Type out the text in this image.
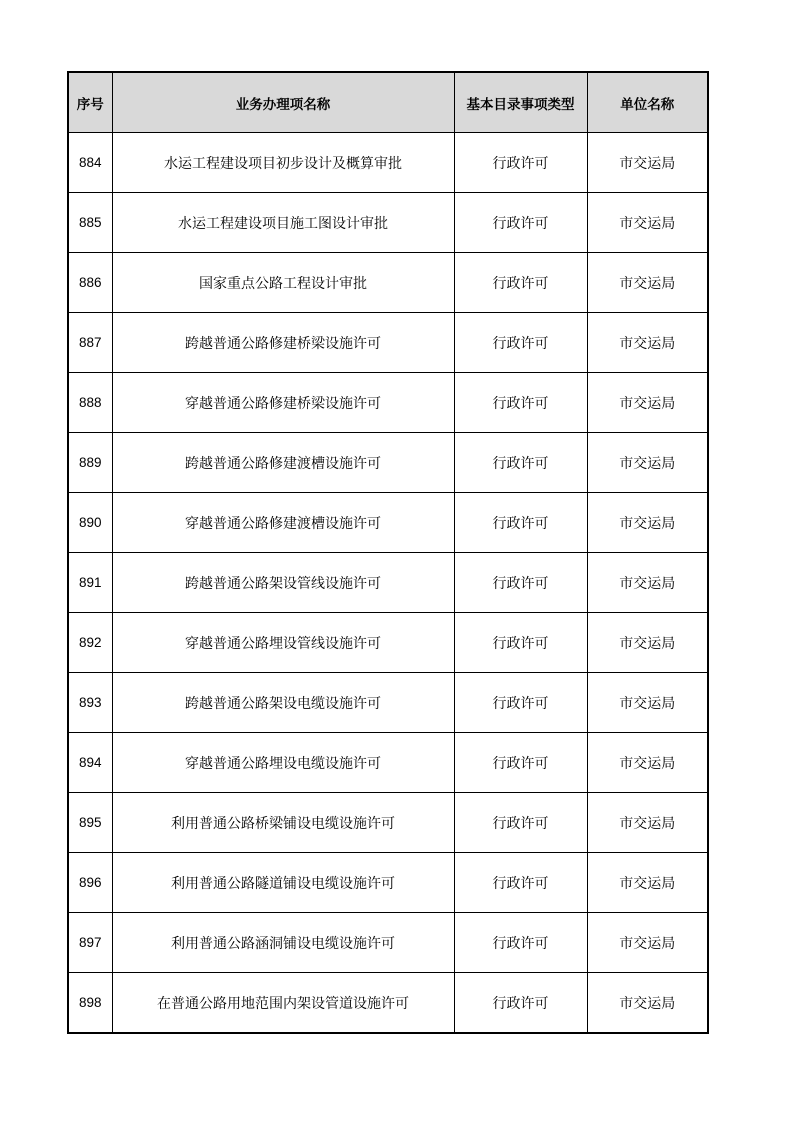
序号	业务办理项名称	基本目录事项类型	单位名称
884	水运工程建设项目初步设计及概算审批	行政许可	市交运局
885	水运工程建设项目施工图设计审批	行政许可	市交运局
886	国家重点公路工程设计审批	行政许可	市交运局
887	跨越普通公路修建桥梁设施许可	行政许可	市交运局
888	穿越普通公路修建桥梁设施许可	行政许可	市交运局
889	跨越普通公路修建渡槽设施许可	行政许可	市交运局
890	穿越普通公路修建渡槽设施许可	行政许可	市交运局
891	跨越普通公路架设管线设施许可	行政许可	市交运局
892	穿越普通公路埋设管线设施许可	行政许可	市交运局
893	跨越普通公路架设电缆设施许可	行政许可	市交运局
894	穿越普通公路埋设电缆设施许可	行政许可	市交运局
895	利用普通公路桥梁铺设电缆设施许可	行政许可	市交运局
896	利用普通公路隧道铺设电缆设施许可	行政许可	市交运局
897	利用普通公路涵洞铺设电缆设施许可	行政许可	市交运局
898	在普通公路用地范围内架设管道设施许可	行政许可	市交运局
